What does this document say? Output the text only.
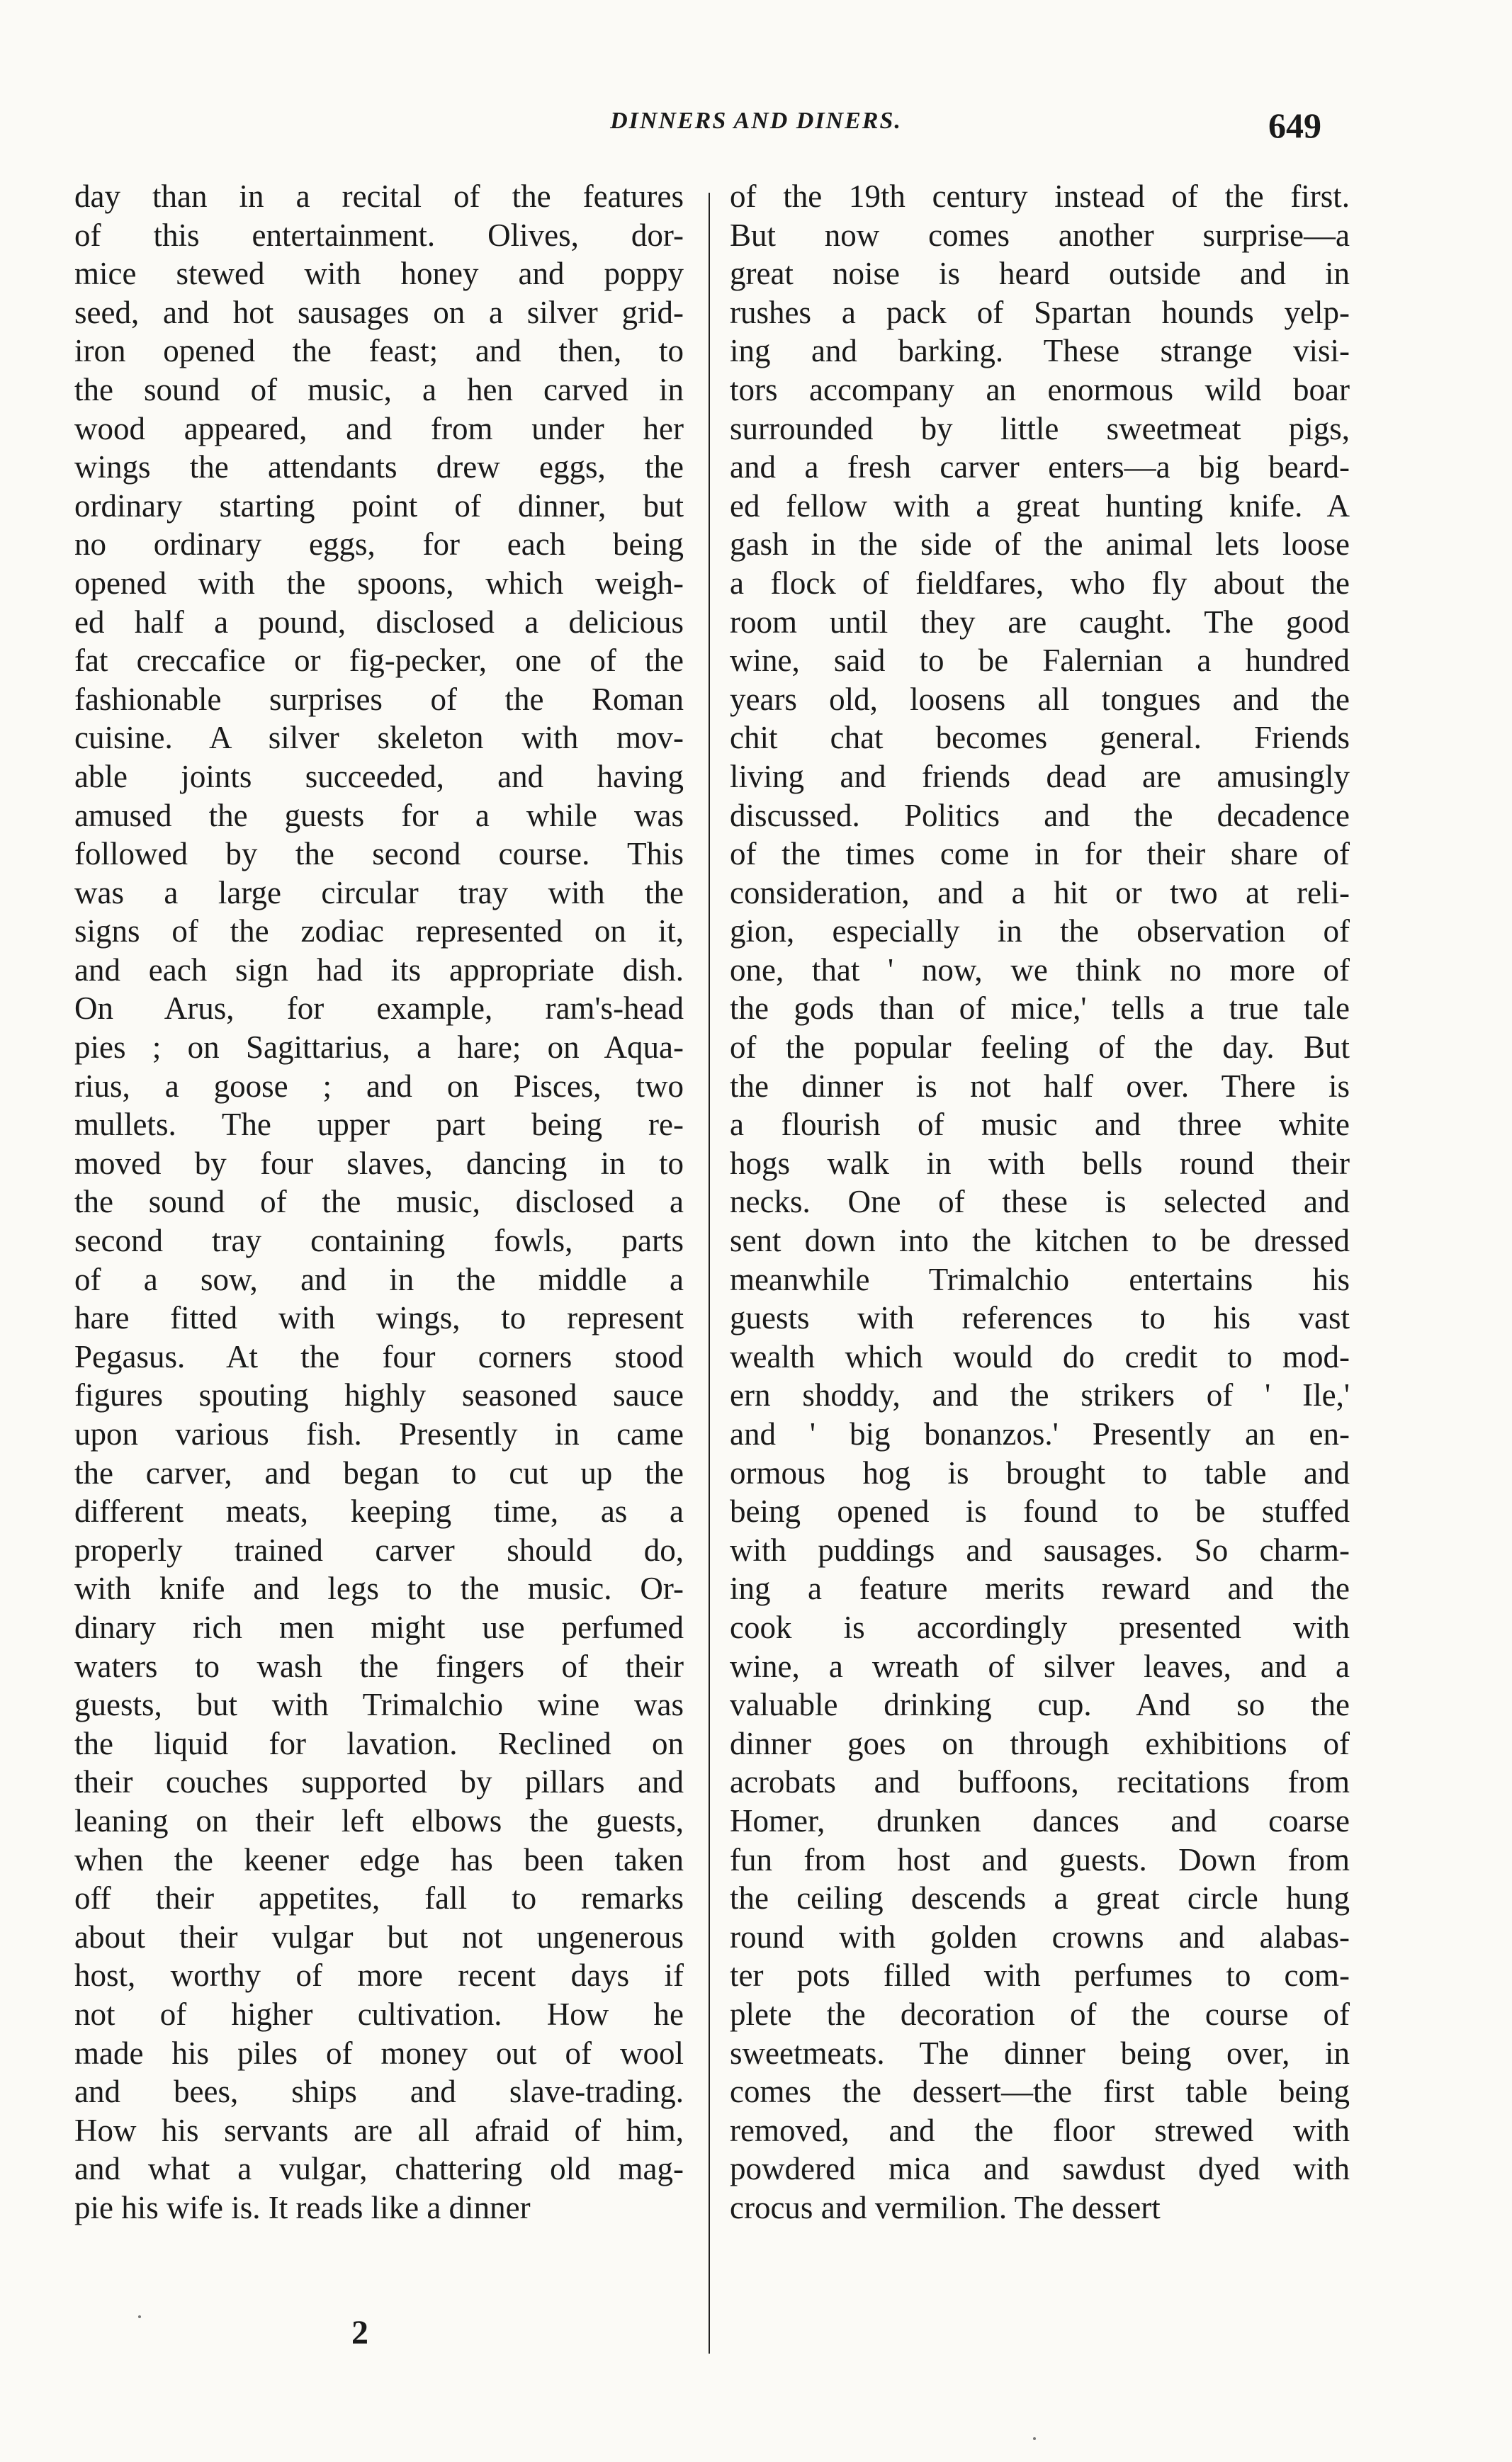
DINNERS AND DINERS.	649
day than in a recital of the features
of this entertainment. Olives, dor-
mice stewed with honey and poppy
seed, and hot sausages on a silver grid-
iron opened the feast; and then, to
the sound of music, a hen carved in
wood appeared, and from under her
wings the attendants drew eggs, the
ordinary starting point of dinner, but
no ordinary eggs, for each being
opened with the spoons, which weigh-
ed half a pound, disclosed a delicious
fat creccafice or fig-pecker, one of the
fashionable surprises of the Roman
cuisine. A silver skeleton with mov-
able joints succeeded, and having
amused the guests for a while was
followed by the second course. This
was a large circular tray with the
signs of the zodiac represented on it,
and each sign had its appropriate dish.
On Arus, for example, ram's-head
pies ; on Sagittarius, a hare; on Aqua-
rius, a goose ; and on Pisces, two
mullets. The upper part being re-
moved by four slaves, dancing in to
the sound of the music, disclosed a
second tray containing fowls, parts
of a sow, and in the middle a
hare fitted with wings, to represent
Pegasus. At the four corners stood
figures spouting highly seasoned sauce
upon various fish. Presently in came
the carver, and began to cut up the
different meats, keeping time, as a
properly trained carver should do,
with knife and legs to the music. Or-
dinary rich men might use perfumed
waters to wash the fingers of their
guests, but with Trimalchio wine was
the liquid for lavation. Reclined on
their couches supported by pillars and
leaning on their left elbows the guests,
when the keener edge has been taken
off their appetites, fall to remarks
about their vulgar but not ungenerous
host, worthy of more recent days if
not of higher cultivation. How he
made his piles of money out of wool
and bees, ships and slave-trading.
How his servants are all afraid of him,
and what a vulgar, chattering old mag-
pie his wife is. It reads like a dinner
of the 19th century instead of the first.
But now comes another surprise—a
great noise is heard outside and in
rushes a pack of Spartan hounds yelp-
ing and barking. These strange visi-
tors accompany an enormous wild boar
surrounded by little sweetmeat pigs,
and a fresh carver enters—a big beard-
ed fellow with a great hunting knife. A
gash in the side of the animal lets loose
a flock of fieldfares, who fly about the
room until they are caught. The good
wine, said to be Falernian a hundred
years old, loosens all tongues and the
chit chat becomes general. Friends
living and friends dead are amusingly
discussed. Politics and the decadence
of the times come in for their share of
consideration, and a hit or two at reli-
gion, especially in the observation of
one, that ' now, we think no more of
the gods than of mice,' tells a true tale
of the popular feeling of the day. But
the dinner is not half over. There is
a flourish of music and three white
hogs walk in with bells round their
necks. One of these is selected and
sent down into the kitchen to be dressed
meanwhile Trimalchio entertains his
guests with references to his vast
wealth which would do credit to mod-
ern shoddy, and the strikers of ' Ile,'
and ' big bonanzos.' Presently an en-
ormous hog is brought to table and
being opened is found to be stuffed
with puddings and sausages. So charm-
ing a feature merits reward and the
cook is accordingly presented with
wine, a wreath of silver leaves, and a
valuable drinking cup. And so the
dinner goes on through exhibitions of
acrobats and buffoons, recitations from
Homer, drunken dances and coarse
fun from host and guests. Down from
the ceiling descends a great circle hung
round with golden crowns and alabas-
ter pots filled with perfumes to com-
plete the decoration of the course of
sweetmeats. The dinner being over, in
comes the dessert—the first table being
removed, and the floor strewed with
powdered mica and sawdust dyed with
crocus and vermilion. The dessert
2
